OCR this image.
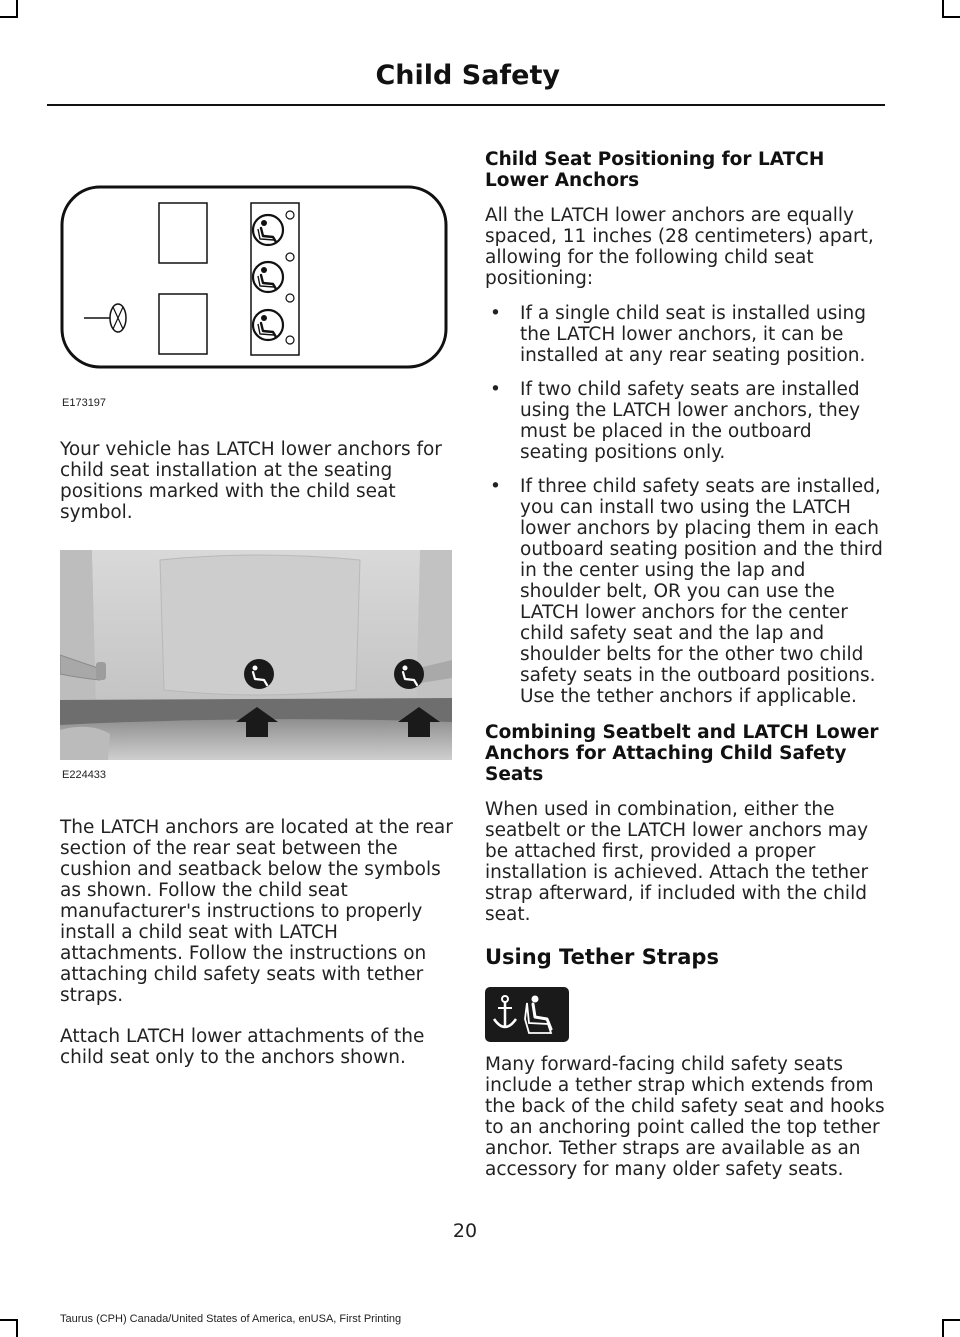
Child Safety
E173197

Your vehicle has LATCH lower anchors for child seat installation at the seating positions marked with the child seat symbol.

E224433

The LATCH anchors are located at the rear section of the rear seat between the cushion and seatback below the symbols as shown. Follow the child seat manufacturer's instructions to properly install a child seat with LATCH attachments. Follow the instructions on attaching child safety seats with tether straps.

Attach LATCH lower attachments of the child seat only to the anchors shown.

Child Seat Positioning for LATCH Lower Anchors

All the LATCH lower anchors are equally spaced, 11 inches (28 centimeters) apart, allowing for the following child seat positioning:

• If a single child seat is installed using the LATCH lower anchors, it can be installed at any rear seating position.
• If two child safety seats are installed using the LATCH lower anchors, they must be placed in the outboard seating positions only.
• If three child safety seats are installed, you can install two using the LATCH lower anchors by placing them in each outboard seating position and the third in the center using the lap and shoulder belt, OR you can use the LATCH lower anchors for the center child safety seat and the lap and shoulder belts for the other two child safety seats in the outboard positions. Use the tether anchors if applicable.
Combining Seatbelt and LATCH Lower Anchors for Attaching Child Safety Seats

When used in combination, either the seatbelt or the LATCH lower anchors may be attached first, provided a proper installation is achieved. Attach the tether strap afterward, if included with the child seat.

Using Tether Straps

Many forward-facing child safety seats include a tether strap which extends from the back of the child safety seat and hooks to an anchoring point called the top tether anchor. Tether straps are available as an accessory for many older safety seats.

20
Taurus (CPH) Canada/United States of America, enUSA, First Printing
